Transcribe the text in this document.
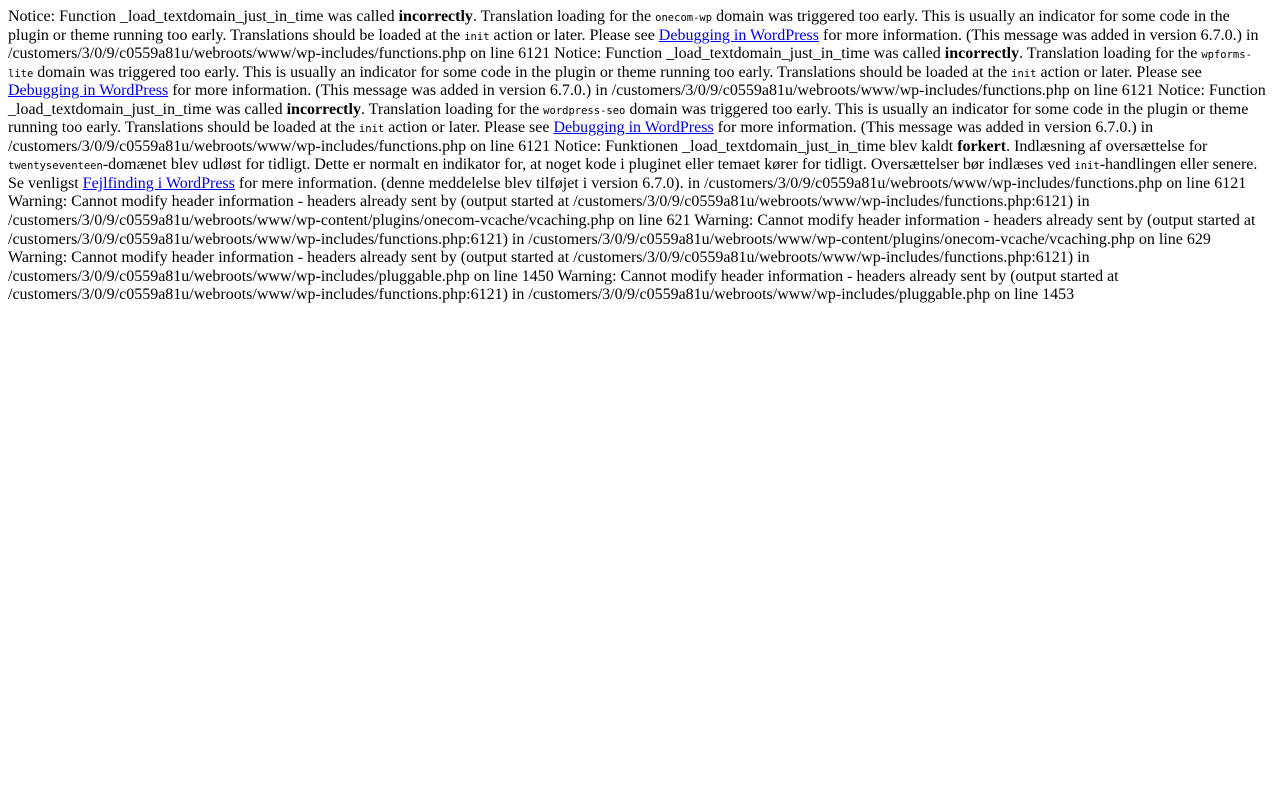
Notice: Function _load_textdomain_just_in_time was called incorrectly. Translation loading for the onecom-wp domain was triggered too early. This is usually an indicator for some code in the plugin or theme running too early. Translations should be loaded at the init action or later. Please see Debugging in WordPress for more information. (This message was added in version 6.7.0.) in /customers/3/0/9/c0559a81u/webroots/www/wp-includes/functions.php on line 6121 Notice: Function _load_textdomain_just_in_time was called incorrectly. Translation loading for the wpforms-lite domain was triggered too early. This is usually an indicator for some code in the plugin or theme running too early. Translations should be loaded at the init action or later. Please see Debugging in WordPress for more information. (This message was added in version 6.7.0.) in /customers/3/0/9/c0559a81u/webroots/www/wp-includes/functions.php on line 6121 Notice: Function _load_textdomain_just_in_time was called incorrectly. Translation loading for the wordpress-seo domain was triggered too early. This is usually an indicator for some code in the plugin or theme running too early. Translations should be loaded at the init action or later. Please see Debugging in WordPress for more information. (This message was added in version 6.7.0.) in /customers/3/0/9/c0559a81u/webroots/www/wp-includes/functions.php on line 6121 Notice: Funktionen _load_textdomain_just_in_time blev kaldt forkert. Indlæsning af oversættelse for twentyseventeen-domænet blev udløst for tidligt. Dette er normalt en indikator for, at noget kode i pluginet eller temaet kører for tidligt. Oversættelser bør indlæses ved init-handlingen eller senere. Se venligst Fejlfinding i WordPress for mere information. (denne meddelelse blev tilføjet i version 6.7.0). in /customers/3/0/9/c0559a81u/webroots/www/wp-includes/functions.php on line 6121 Warning: Cannot modify header information - headers already sent by (output started at /customers/3/0/9/c0559a81u/webroots/www/wp-includes/functions.php:6121) in /customers/3/0/9/c0559a81u/webroots/www/wp-content/plugins/onecom-vcache/vcaching.php on line 621 Warning: Cannot modify header information - headers already sent by (output started at /customers/3/0/9/c0559a81u/webroots/www/wp-includes/functions.php:6121) in /customers/3/0/9/c0559a81u/webroots/www/wp-content/plugins/onecom-vcache/vcaching.php on line 629 Warning: Cannot modify header information - headers already sent by (output started at /customers/3/0/9/c0559a81u/webroots/www/wp-includes/functions.php:6121) in /customers/3/0/9/c0559a81u/webroots/www/wp-includes/pluggable.php on line 1450 Warning: Cannot modify header information - headers already sent by (output started at /customers/3/0/9/c0559a81u/webroots/www/wp-includes/functions.php:6121) in /customers/3/0/9/c0559a81u/webroots/www/wp-includes/pluggable.php on line 1453
